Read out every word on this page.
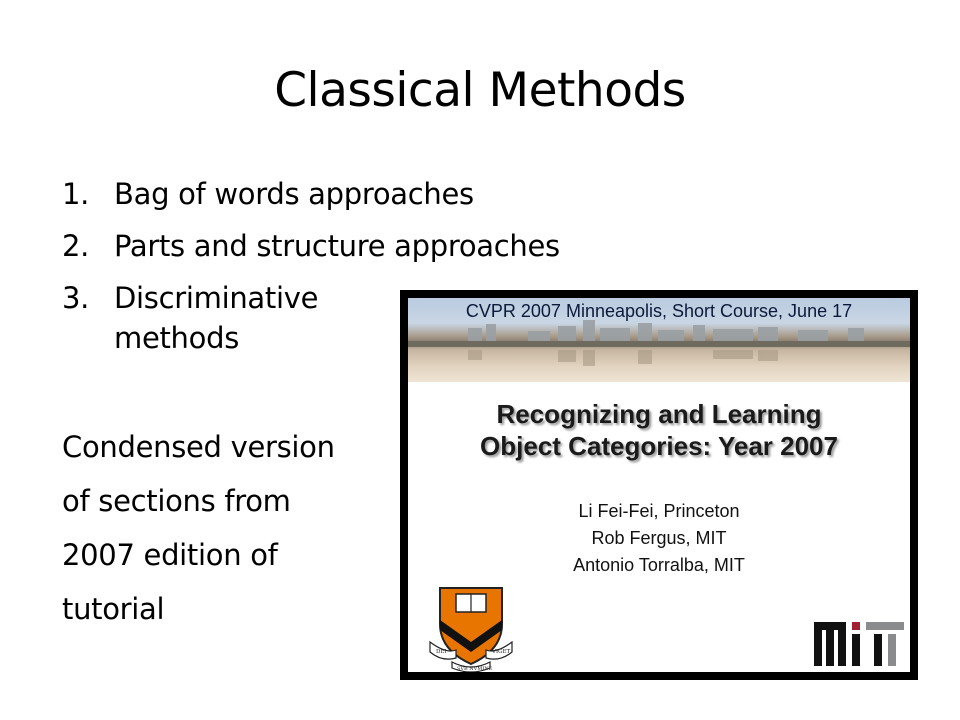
Classical Methods
1. Bag of words approaches
2. Parts and structure approaches
3. Discriminative methods
Condensed version
of sections from
2007 edition of
tutorial
CVPR 2007 Minneapolis, Short Course, June 17
Recognizing and Learning
Object Categories: Year 2007
Li Fei-Fei, Princeton
Rob Fergus, MIT
Antonio Torralba, MIT
DEI
SVB NVMINE
VIGET
